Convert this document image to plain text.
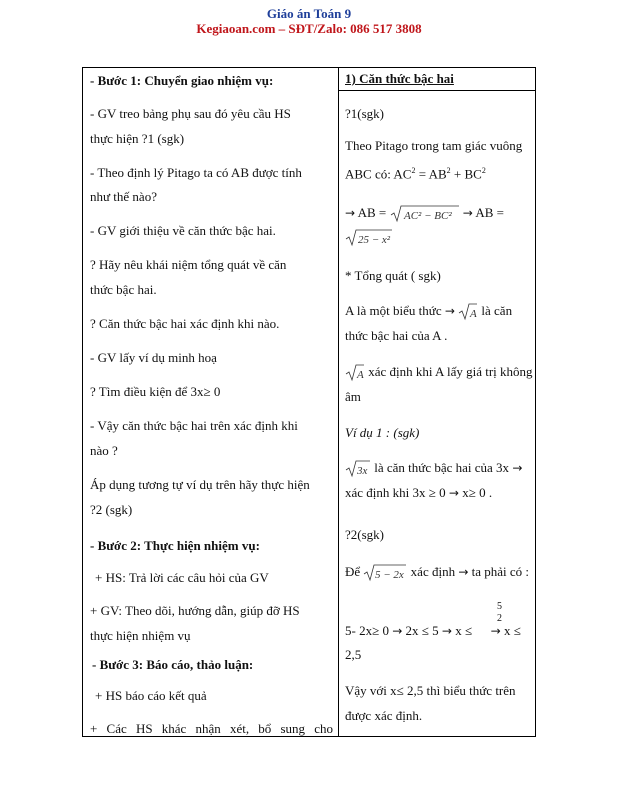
Giáo án Toán 9
Kegiaoan.com – SĐT/Zalo: 086 517 3808
- Bước 1: Chuyển giao nhiệm vụ:
- GV treo bảng phụ sau đó yêu cầu HS
thực hiện ?1 (sgk)
- Theo định lý Pitago ta có AB được tính
như thế nào?
- GV giới thiệu về căn thức bậc hai.
? Hãy nêu khái niệm tổng quát về căn
thức bậc hai.
? Căn thức bậc hai xác định khi nào.
- GV lấy ví dụ minh hoạ
? Tìm điều kiện để 3x≥ 0
- Vậy căn thức bậc hai trên xác định khi
nào ?
Áp dụng tương tự ví dụ trên hãy thực hiện
?2 (sgk)
- Bước 2: Thực hiện nhiệm vụ:
+ HS: Trả lời các câu hỏi của GV
+ GV: Theo dõi, hướng dẫn, giúp đỡ HS
thực hiện nhiệm vụ
- Bước 3: Báo cáo, thảo luận:
+ HS báo cáo kết quả
+ Các HS khác nhận xét, bổ sung cho
1) Căn thức bậc hai
?1(sgk)
Theo Pitago trong tam giác vuông
ABC có: $AC^2 = AB^2 + BC^2$
→ AB = AC² − BC² → AB =
25 − x²
* Tổng quát ( sgk)
A là một biểu thức → A là căn
thức bậc hai của A .
A xác định khi A lấy giá trị không
âm
Ví dụ 1 : (sgk)
3x là căn thức bậc hai của 3x →
xác định khi 3x ≥ 0 → x≥ 0 .
?2(sgk)
Để 5 − 2x xác định → ta phải có :
5
2
5- 2x≥ 0 → 2x ≤ 5 → x ≤ → x ≤
2,5
Vậy với x≤ 2,5 thì biểu thức trên
được xác định.
